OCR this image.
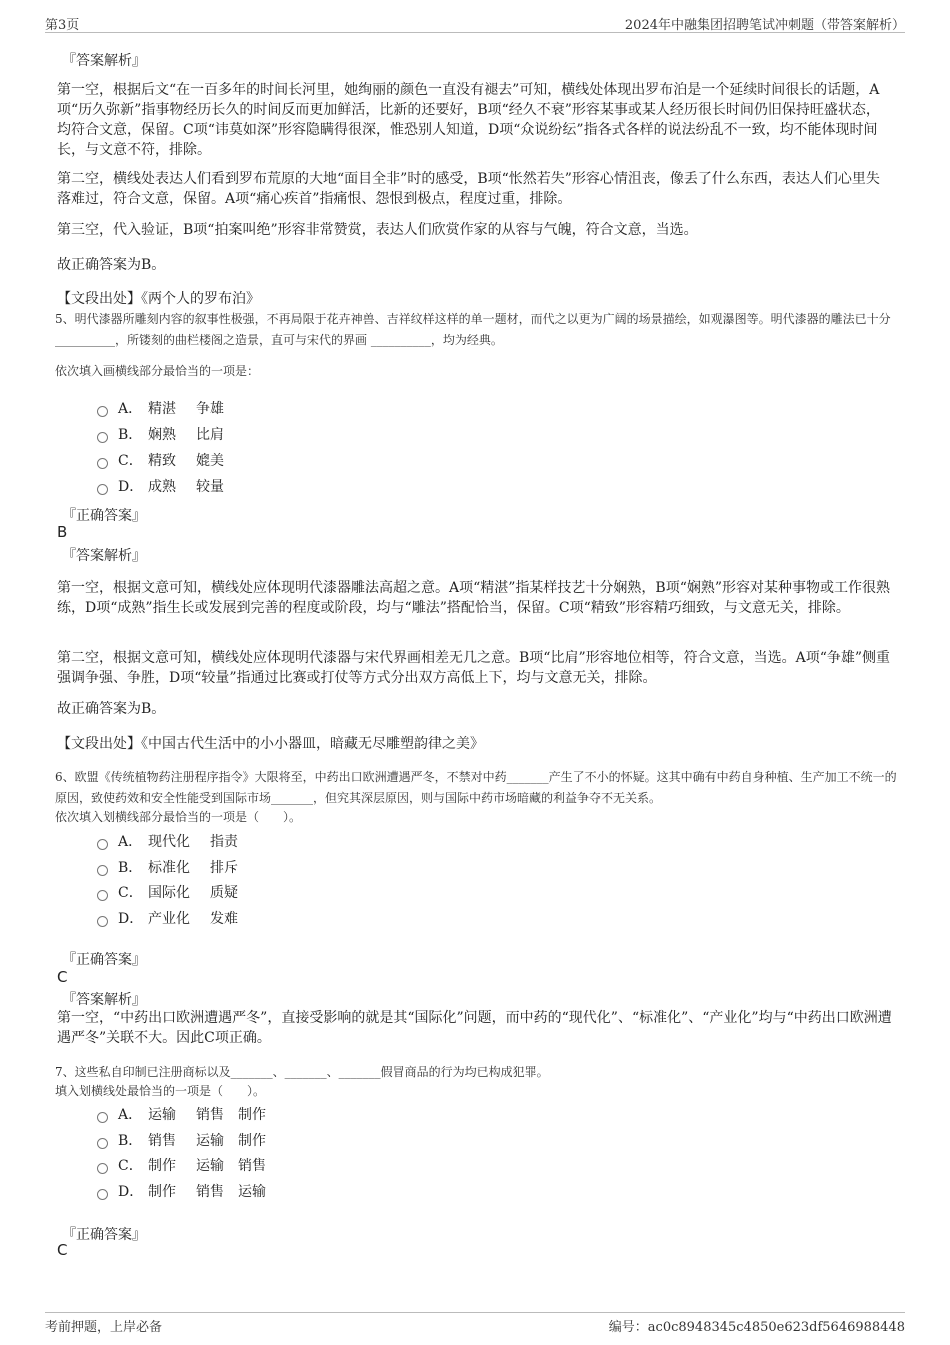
第3页	2024年中融集团招聘笔试冲刺题（带答案解析）
『答案解析』
第一空，根据后文“在一百多年的时间长河里，她绚丽的颜色一直没有褪去”可知，横线处体现出罗布泊是一个延续时间很长的话题，A项“历久弥新”指事物经历长久的时间反而更加鲜活，比新的还要好，B项“经久不衰”形容某事或某人经历很长时间仍旧保持旺盛状态，均符合文意，保留。C项“讳莫如深”形容隐瞒得很深，惟恐别人知道，D项“众说纷纭”指各式各样的说法纷乱不一致，均不能体现时间长，与文意不符，排除。
第二空，横线处表达人们看到罗布荒原的大地“面目全非”时的感受，B项“怅然若失”形容心情沮丧，像丢了什么东西，表达人们心里失落难过，符合文意，保留。A项“痛心疾首”指痛恨、怨恨到极点，程度过重，排除。
第三空，代入验证，B项“拍案叫绝”形容非常赞赏，表达人们欣赏作家的从容与气魄，符合文意，当选。
故正确答案为B。
【文段出处】《两个人的罗布泊》
5、明代漆器所雕刻内容的叙事性极强，不再局限于花卉神兽、吉祥纹样这样的单一题材，而代之以更为广阔的场景描绘，如观瀑图等。明代漆器的雕法已十分 __________，所镂刻的曲栏楼阁之造景，直可与宋代的界画 __________，均为经典。
依次填入画横线部分最恰当的一项是：
A． 精湛 争雄
B． 娴熟 比肩
C． 精致 媲美
D． 成熟 较量
『正确答案』
B
『答案解析』
第一空，根据文意可知，横线处应体现明代漆器雕法高超之意。A项“精湛”指某样技艺十分娴熟，B项“娴熟”形容对某种事物或工作很熟练，D项“成熟”指生长或发展到完善的程度或阶段，均与“雕法”搭配恰当，保留。C项“精致”形容精巧细致，与文意无关，排除。
第二空，根据文意可知，横线处应体现明代漆器与宋代界画相差无几之意。B项“比肩”形容地位相等，符合文意，当选。A项“争雄”侧重强调争强、争胜，D项“较量”指通过比赛或打仗等方式分出双方高低上下，均与文意无关，排除。
故正确答案为B。
【文段出处】《中国古代生活中的小小器皿，暗藏无尽雕塑韵律之美》
6、欧盟《传统植物药注册程序指令》大限将至，中药出口欧洲遭遇严冬，不禁对中药_______产生了不小的怀疑。这其中确有中药自身种植、生产加工不统一的原因，致使药效和安全性能受到国际市场_______，但究其深层原因，则与国际中药市场暗藏的利益争夺不无关系。
依次填入划横线部分最恰当的一项是（　　）。
A． 现代化 指责
B． 标准化 排斥
C． 国际化 质疑
D． 产业化 发难
『正确答案』
C
『答案解析』
第一空，“中药出口欧洲遭遇严冬”，直接受影响的就是其“国际化”问题，而中药的“现代化”、“标准化”、“产业化”均与“中药出口欧洲遭遇严冬”关联不大。因此C项正确。
7、这些私自印制已注册商标以及_______、_______、_______假冒商品的行为均已构成犯罪。
填入划横线处最恰当的一项是（　　）。
A． 运输 销售　制作
B． 销售 运输　制作
C． 制作 运输　销售
D． 制作 销售　运输
『正确答案』
C
考前押题，上岸必备	编号：ac0c8948345c4850e623df5646988448
